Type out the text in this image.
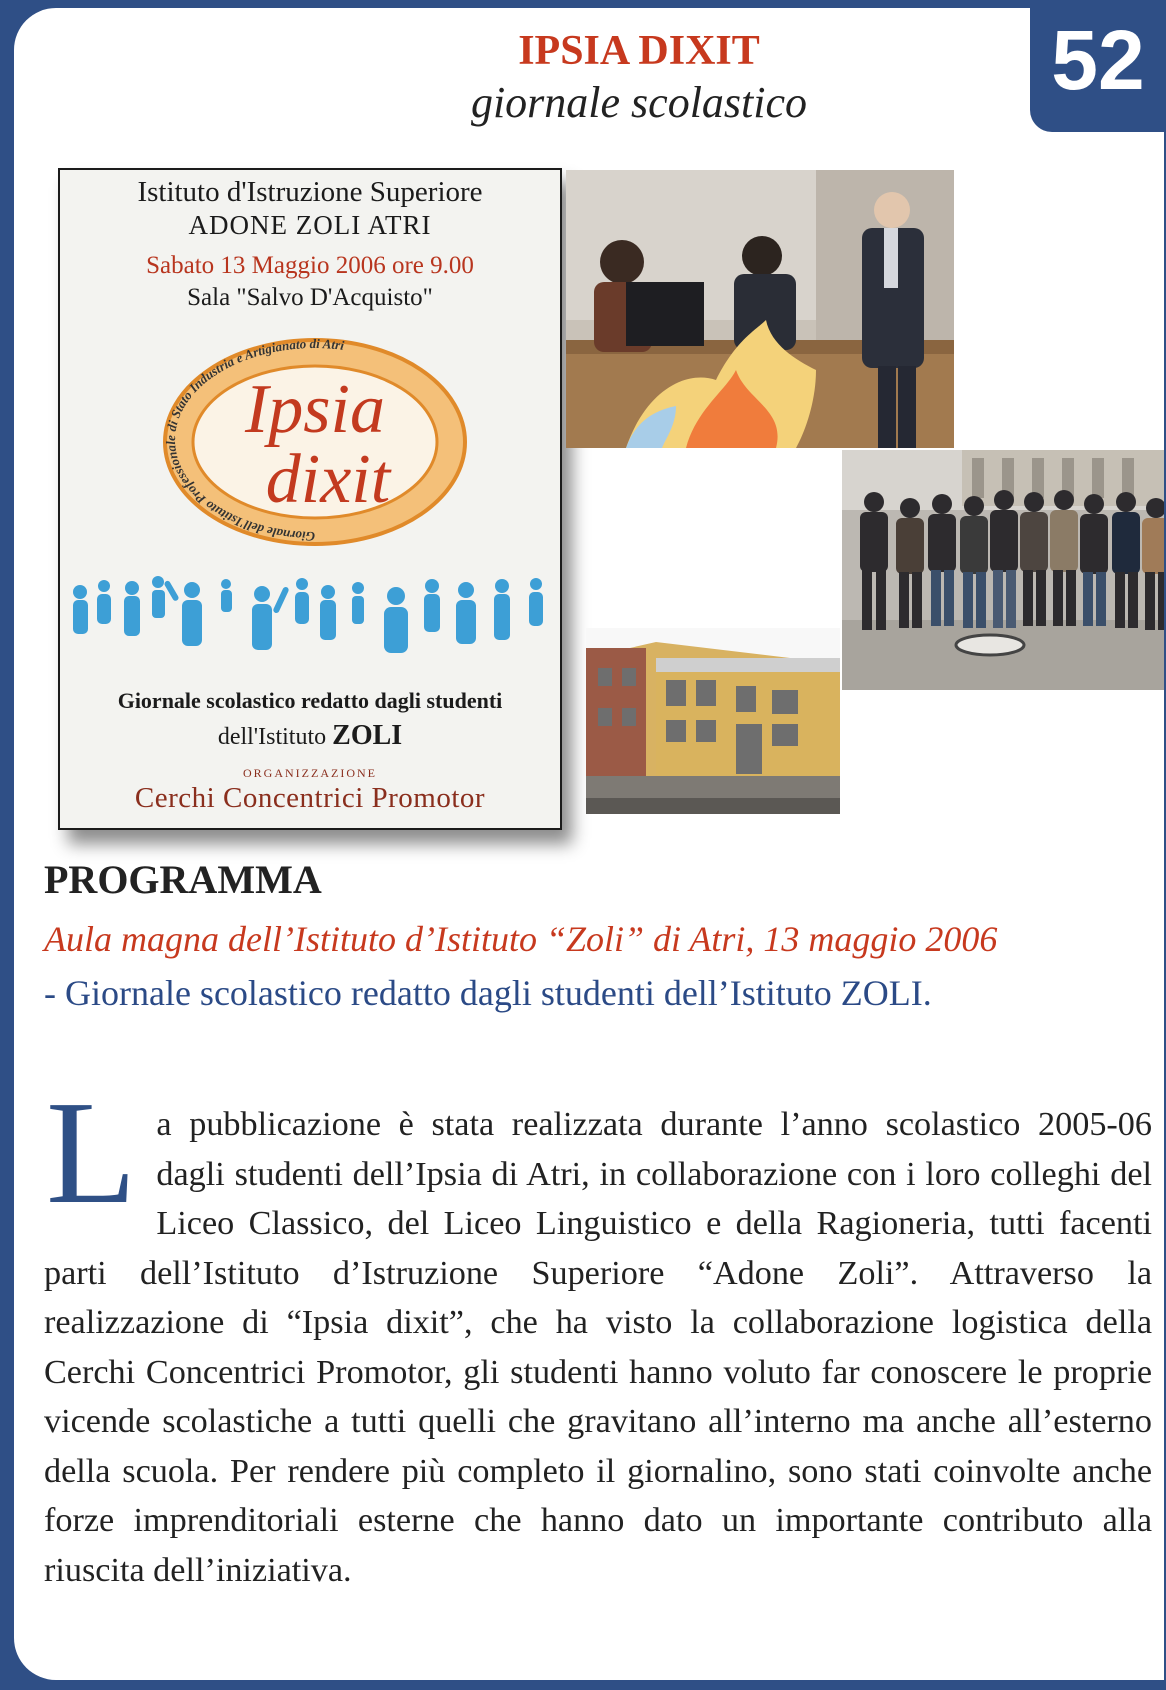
IPSIA DIXIT
giornale scolastico
Istituto d'Istruzione Superiore
ADONE ZOLI ATRI
Sabato 13 Maggio 2006 ore 9.00
Sala "Salvo D'Acquisto"
Giornale dell'Istituto Professionale di Stato Industria e Artigianato di Atri
Ipsia
dixit
Giornale scolastico redatto dagli studenti
dell'Istituto ZOLI
ORGANIZZAZIONE
Cerchi Concentrici Promotor
PROGRAMMA
Aula magna dell’Istituto d’Istituto “Zoli” di Atri, 13 maggio 2006
- Giornale scolastico redatto dagli studenti dell’Istituto ZOLI.
La pubblicazione è stata realizzata durante l’anno scolastico 2005-06 dagli studenti dell’Ipsia di Atri, in collaborazione con i loro colleghi del Liceo Classico, del Liceo Linguistico e della Ragioneria, tutti facenti parti dell’Istituto d’Istruzione Superiore “Adone Zoli”. Attraverso la realizzazione di “Ipsia dixit”, che ha visto la collaborazione logistica della Cerchi Concentrici Promotor, gli studenti hanno voluto far conoscere le proprie vicende scolastiche a tutti quelli che gravitano all’interno ma anche all’esterno della scuola. Per rendere più completo il giornalino, sono stati coinvolte anche forze imprenditoriali esterne che hanno dato un importante contributo alla riuscita dell’iniziativa.
52
